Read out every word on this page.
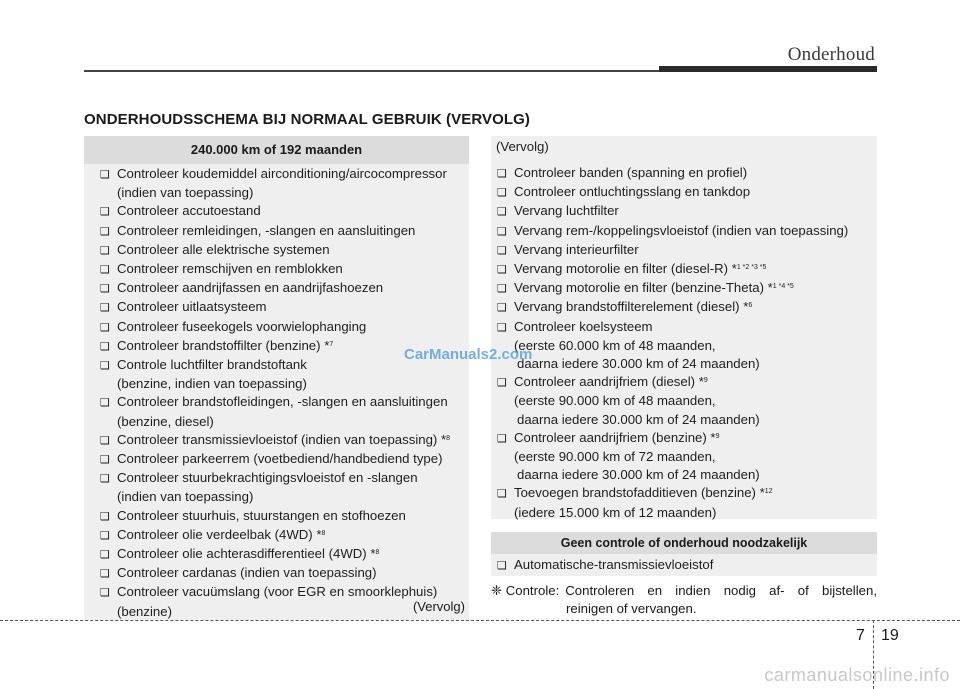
Onderhoud
ONDERHOUDSSCHEMA BIJ NORMAAL GEBRUIK (VERVOLG)
240.000 km of 192 maanden
❑ Controleer koudemiddel airconditioning/aircocompressor
(indien van toepassing)
❑ Controleer accutoestand
❑ Controleer remleidingen, -slangen en aansluitingen
❑ Controleer alle elektrische systemen
❑ Controleer remschijven en remblokken
❑ Controleer aandrijfassen en aandrijfashoezen
❑ Controleer uitlaatsysteem
❑ Controleer fuseekogels voorwielophanging
❑ Controleer brandstoffilter (benzine) *$^7$
❑ Controle luchtfilter brandstoftank
(benzine, indien van toepassing)
❑ Controleer brandstofleidingen, -slangen en aansluitingen
(benzine, diesel)
❑ Controleer transmissievloeistof (indien van toepassing) *$^8$
❑ Controleer parkeerrem (voetbediend/handbediend type)
❑ Controleer stuurbekrachtigingsvloeistof en -slangen
(indien van toepassing)
❑ Controleer stuurhuis, stuurstangen en stofhoezen
❑ Controleer olie verdeelbak (4WD) *$^8$
❑ Controleer olie achterasdifferentieel (4WD) *$^8$
❑ Controleer cardanas (indien van toepassing)
❑ Controleer vacuümslang (voor EGR en smoorklephuis)
(benzine)	(Vervolg)
(Vervolg)
❑ Controleer banden (spanning en profiel)
❑ Controleer ontluchtingsslang en tankdop
❑ Vervang luchtfilter
❑ Vervang rem-/koppelingsvloeistof (indien van toepassing)
❑ Vervang interieurfilter
❑ Vervang motorolie en filter (diesel-R) *$^{1 *2 *3 *5}$
❑ Vervang motorolie en filter (benzine-Theta) *$^{1 *4 *5}$
❑ Vervang brandstoffilterelement (diesel) *$^6$
❑ Controleer koelsysteem
(eerste 60.000 km of 48 maanden,
daarna iedere 30.000 km of 24 maanden)
❑ Controleer aandrijfriem (diesel) *$^9$
(eerste 90.000 km of 48 maanden,
daarna iedere 30.000 km of 24 maanden)
❑ Controleer aandrijfriem (benzine) *$^9$
(eerste 90.000 km of 72 maanden,
daarna iedere 30.000 km of 24 maanden)
❑ Toevoegen brandstofadditieven (benzine) *$^{12}$
(iedere 15.000 km of 12 maanden)
Geen controle of onderhoud noodzakelijk
❑ Automatische-transmissievloeistof
❈ Controle: Controleren en indien nodig af- of bijstellen,
reinigen of vervangen.
CarManuals2.com
7 19
carmanualsonline.info
